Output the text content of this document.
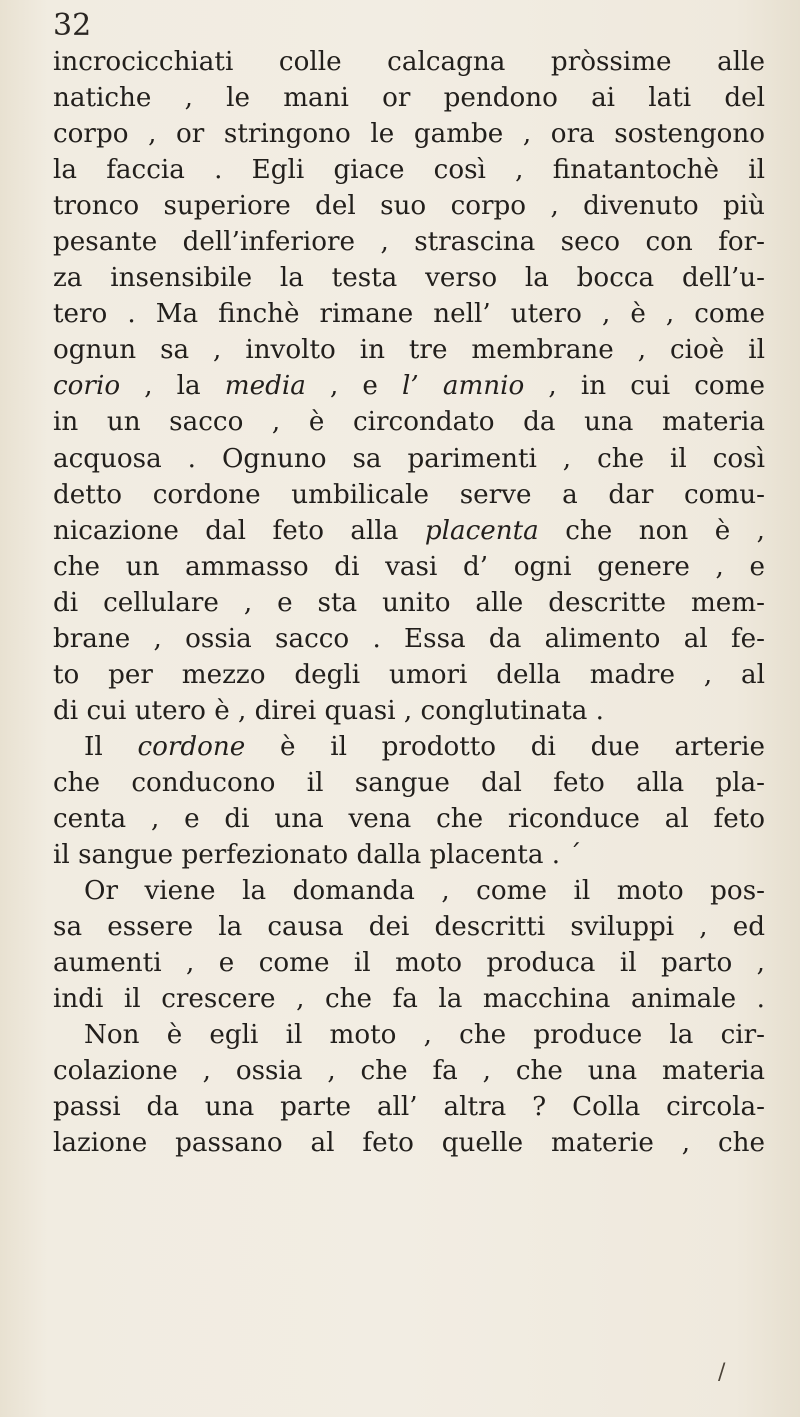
32
incrocicchiati colle calcagna pròssime alle
natiche , le mani or pendono ai lati del
corpo , or stringono le gambe , ora sostengono
la faccia . Egli giace così , finatantochè il
tronco superiore del suo corpo , divenuto più
pesante dell’inferiore , strascina seco con for-
za insensibile la testa verso la bocca dell’u-
tero . Ma finchè rimane nell’ utero , è , come
ognun sa , involto in tre membrane , cioè il
corio , la media , e l’ amnio , in cui come
in un sacco , è circondato da una materia
acquosa . Ognuno sa parimenti , che il così
detto cordone umbilicale serve a dar comu-
nicazione dal feto alla placenta che non è ,
che un ammasso di vasi d’ ogni genere , e
di cellulare , e sta unito alle descritte mem-
brane , ossia sacco . Essa da alimento al fe-
to per mezzo degli umori della madre , al
di cui utero è , direi quasi , conglutinata .
Il cordone è il prodotto di due arterie
che conducono il sangue dal feto alla pla-
centa , e di una vena che riconduce al feto
il sangue perfezionato dalla placenta . ´
Or viene la domanda , come il moto pos-
sa essere la causa dei descritti sviluppi , ed
aumenti , e come il moto produca il parto ,
indi il crescere , che fa la macchina animale .
Non è egli il moto , che produce la cir-
colazione , ossia , che fa , che una materia
passi da una parte all’ altra ? Colla circola-
lazione passano al feto quelle materie , che
/
